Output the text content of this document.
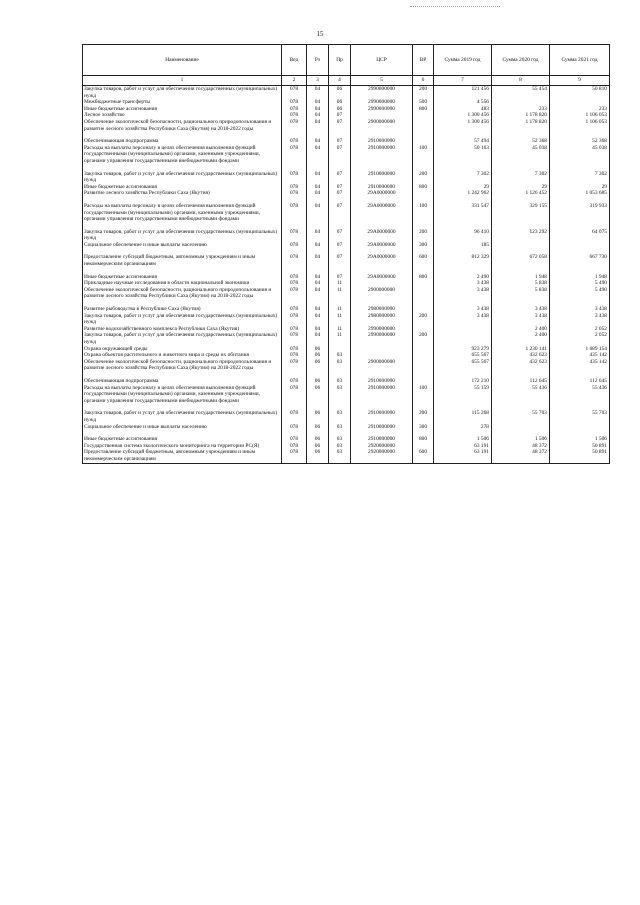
15
Наименование	Вед	Рз	Пр	ЦСР	ВР	Сумма 2019 год	Сумма 2020 год	Сумма 2021 год
1	2	3	4	5	6	7	8	9
Закупка товаров, работ и услуг для обеспечения государственных (муниципальных) нужд	078	04	06	2990000000	200	121 456	55 454	50 810
Межбюджетные трансферты	078	04	06	2990000000	500	4 556		
Иные бюджетные ассигнования	078	04	06	2990000000	800	483	233	233
Лесное хозяйство	078	04	07			1 300 456	1 178 820	1 106 053
Обеспечение экологической безопасности, рационального природопользования и развитие лесного хозяйства Республики Саха (Якутия) на 2018-2022 годы	078	04	07	2900000000		1 300 456	1 178 820	1 106 053

Обеспечивающая подпрограмма	078	04	07	2910000000		57 494	52 368	52 368
Расходы на выплаты персоналу в целях обеспечения выполнения функций государственными (муниципальными) органами, казенными учреждениями, органами управления государственными внебюджетными фондами	078	04	07	2910000000	100	50 163	45 038	45 038

Закупка товаров, работ и услуг для обеспечения государственных (муниципальных) нужд	078	04	07	2910000000	200	7 302	7 302	7 302
Иные бюджетные ассигнования	078	04	07	2910000000	800	29	29	29
Развитие лесного хозяйства Республики Саха (Якутия)	078	04	07	29А0000000		1 242 962	1 126 452	1 053 685

Расходы на выплаты персоналу в целях обеспечения выполнения функций государственными (муниципальными) органами, казенными учреждениями, органами управления государственными внебюджетными фондами	078	04	07	29А0000000	100	331 547	329 155	319 933

Закупка товаров, работ и услуг для обеспечения государственных (муниципальных) нужд	078	04	07	29А0000000	200	96 410	123 292	64 075
Социальное обеспечение и иные выплаты населению	078	04	07	29А0000000	300	185		

Предоставление субсидий бюджетным, автономным учреждениям и иным некоммерческим организациям	078	04	07	29А0000000	600	812 329	672 058	667 730

Иные бюджетные ассигнования	078	04	07	29А0000000	800	2 490	1 948	1 948
Прикладные научные исследования в области национальной экономики	078	04	11			3 438	5 838	5 490
Обеспечение экологической безопасности, рационального природопользования и развитие лесного хозяйства Республики Саха (Якутия) на 2018-2022 годы	078	04	11	2900000000		3 438	5 838	5 490

Развитие рыбоводства в Республике Саха (Якутия)	078	04	11	2980000000		3 438	3 438	3 438
Закупка товаров, работ и услуг для обеспечения государственных (муниципальных) нужд	078	04	11	2980000000	200	3 438	3 438	3 438
Развитие водохозяйственного комплекса Республики Саха (Якутия)	078	04	11	2990000000			2 400	2 052
Закупка товаров, работ и услуг для обеспечения государственных (муниципальных) нужд	078	04	11	2990000000	200		2 400	2 052
Охрана окружающей среды	078	06				923 279	1 230 141	1 689 154
Охрана объектов растительного и животного мира и среды их обитания	078	06	03			655 567	432 623	435 142
Обеспечение экологической безопасности, рационального природопользования и развитие лесного хозяйства Республики Саха (Якутия) на 2018-2022 годы	078	06	03	2900000000		655 567	432 623	435 142

Обеспечивающая подпрограмма	078	06	03	2910000000		172 210	112 645	112 645
Расходы на выплаты персоналу в целях обеспечения выполнения функций государственными (муниципальными) органами, казенными учреждениями, органами управления государственными внебюджетными фондами	078	06	03	2910000000	100	55 159	55 436	55 436

Закупка товаров, работ и услуг для обеспечения государственных (муниципальных) нужд	078	06	03	2910000000	200	115 268	55 703	55 703
Социальное обеспечение и иные выплаты населению	078	06	03	2910000000	300	278		

Иные бюджетные ассигнования	078	06	03	2910000000	800	1 506	1 506	1 506
Государственная система экологического мониторинга на территории РС(Я)	078	06	03	2920000000		63 191	48 372	50 891
Предоставление субсидий бюджетным, автономным учреждениям и иным некоммерческим организациям	078	06	03	2920000000	600	63 191	48 372	50 891
